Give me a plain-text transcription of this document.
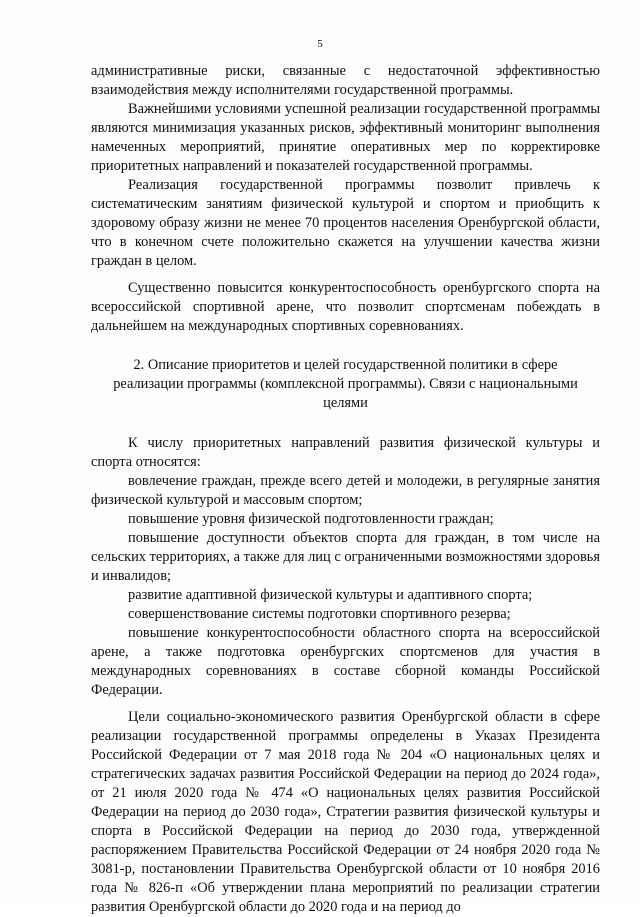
5

административные риски, связанные с недостаточной эффективностью взаимодействия между исполнителями государственной программы.

Важнейшими условиями успешной реализации государственной программы являются минимизация указанных рисков, эффективный мониторинг выполнения намеченных мероприятий, принятие оперативных мер по корректировке приоритетных направлений и показателей государственной программы.

Реализация государственной программы позволит привлечь к систематическим занятиям физической культурой и спортом и приобщить к здоровому образу жизни не менее 70 процентов населения Оренбургской области, что в конечном счете положительно скажется на улучшении качества жизни граждан в целом.

Существенно повысится конкурентоспособность оренбургского спорта на всероссийской спортивной арене, что позволит спортсменам побеждать в дальнейшем на международных спортивных соревнованиях.

2. Описание приоритетов и целей государственной политики в сфере реализации программы (комплексной программы). Связи с национальными целями

К числу приоритетных направлений развития физической культуры и спорта относятся:

вовлечение граждан, прежде всего детей и молодежи, в регулярные занятия физической культурой и массовым спортом;

повышение уровня физической подготовленности граждан;

повышение доступности объектов спорта для граждан, в том числе на сельских территориях, а также для лиц с ограниченными возможностями здоровья и инвалидов;

развитие адаптивной физической культуры и адаптивного спорта;

совершенствование системы подготовки спортивного резерва;

повышение конкурентоспособности областного спорта на всероссийской арене, а также подготовка оренбургских спортсменов для участия в международных соревнованиях в составе сборной команды Российской Федерации.

Цели социально-экономического развития Оренбургской области в сфере реализации государственной программы определены в Указах Президента Российской Федерации от 7 мая 2018 года № 204 «О национальных целях и стратегических задачах развития Российской Федерации на период до 2024 года», от 21 июля 2020 года № 474 «О национальных целях развития Российской Федерации на период до 2030 года», Стратегии развития физической культуры и спорта в Российской Федерации на период до 2030 года, утвержденной распоряжением Правительства Российской Федерации от 24 ноября 2020 года № 3081-р, постановлении Правительства Оренбургской области от 10 ноября 2016 года № 826-п «Об утверждении плана мероприятий по реализации стратегии развития Оренбургской области до 2020 года и на период до
